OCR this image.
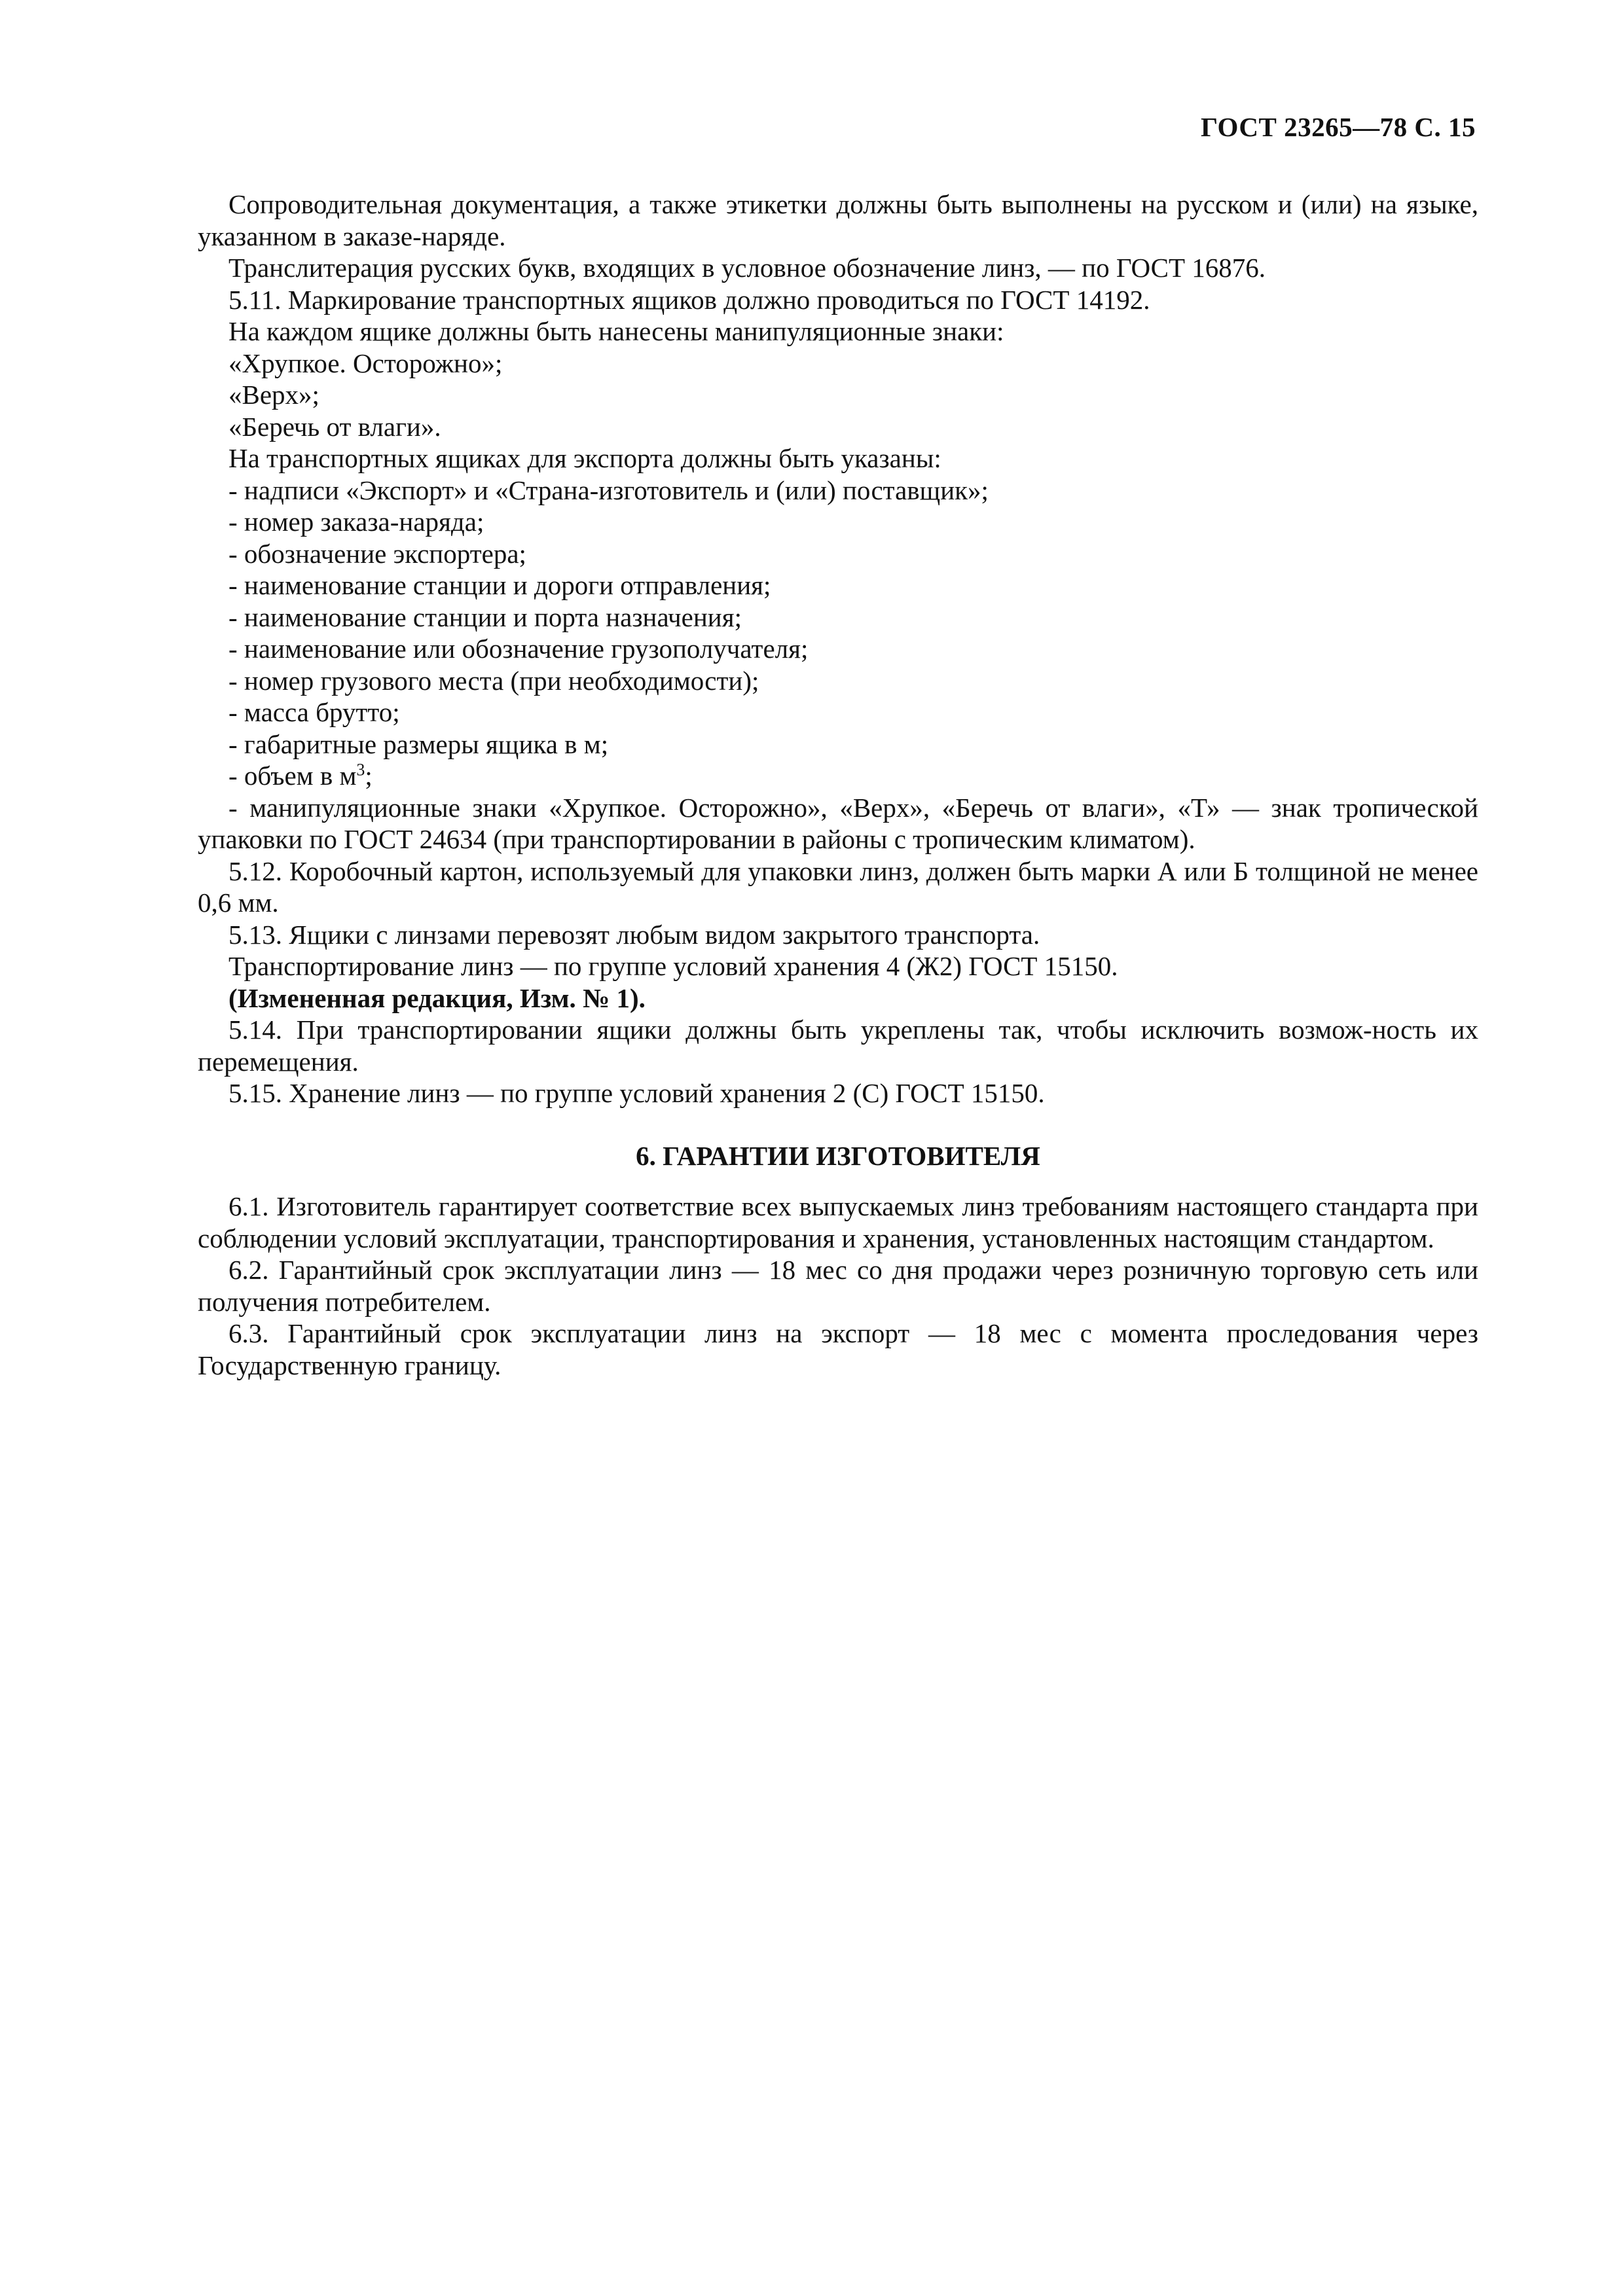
ГОСТ 23265—78 С. 15

Сопроводительная документация, а также этикетки должны быть выполнены на русском и (или) на языке, указанном в заказе-наряде.

Транслитерация русских букв, входящих в условное обозначение линз, — по ГОСТ 16876.

5.11. Маркирование транспортных ящиков должно проводиться по ГОСТ 14192.

На каждом ящике должны быть нанесены манипуляционные знаки:

«Хрупкое. Осторожно»;

«Верх»;

«Беречь от влаги».

На транспортных ящиках для экспорта должны быть указаны:

- надписи «Экспорт» и «Страна-изготовитель и (или) поставщик»;

- номер заказа-наряда;

- обозначение экспортера;

- наименование станции и дороги отправления;

- наименование станции и порта назначения;

- наименование или обозначение грузополучателя;

- номер грузового места (при необходимости);

- масса брутто;

- габаритные размеры ящика в м;

- объем в $м^3$;

- манипуляционные знаки «Хрупкое. Осторожно», «Верх», «Беречь от влаги», «Т» — знак тропической упаковки по ГОСТ 24634 (при транспортировании в районы с тропическим климатом).

5.12. Коробочный картон, используемый для упаковки линз, должен быть марки А или Б толщиной не менее 0,6 мм.

5.13. Ящики с линзами перевозят любым видом закрытого транспорта.

Транспортирование линз — по группе условий хранения 4 (Ж2) ГОСТ 15150.

(Измененная редакция, Изм. № 1).

5.14. При транспортировании ящики должны быть укреплены так, чтобы исключить возмож-ность их перемещения.

5.15. Хранение линз — по группе условий хранения 2 (С) ГОСТ 15150.

6. ГАРАНТИИ ИЗГОТОВИТЕЛЯ

6.1. Изготовитель гарантирует соответствие всех выпускаемых линз требованиям настоящего стандарта при соблюдении условий эксплуатации, транспортирования и хранения, установленных настоящим стандартом.

6.2. Гарантийный срок эксплуатации линз — 18 мес со дня продажи через розничную торговую сеть или получения потребителем.

6.3. Гарантийный срок эксплуатации линз на экспорт — 18 мес с момента проследования через Государственную границу.
